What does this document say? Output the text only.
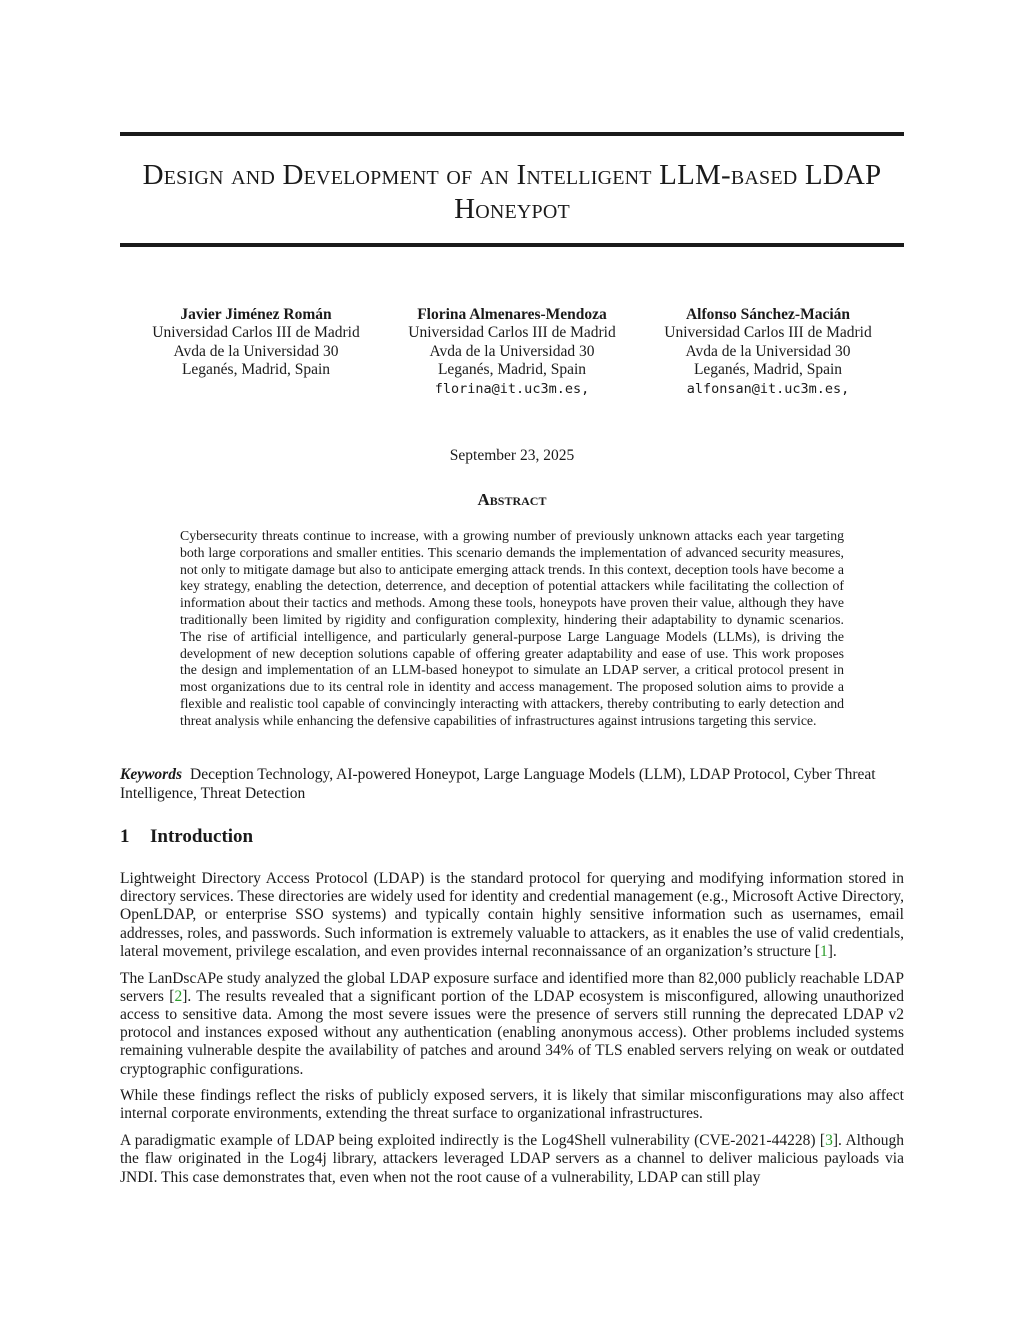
Design and Development of an Intelligent LLM-based LDAP
Honeypot
Javier Jiménez Román
Universidad Carlos III de Madrid
Avda de la Universidad 30
Leganés, Madrid, Spain
Florina Almenares-Mendoza
Universidad Carlos III de Madrid
Avda de la Universidad 30
Leganés, Madrid, Spain
florina@it.uc3m.es,
Alfonso Sánchez-Macián
Universidad Carlos III de Madrid
Avda de la Universidad 30
Leganés, Madrid, Spain
alfonsan@it.uc3m.es,
September 23, 2025
Abstract
Cybersecurity threats continue to increase, with a growing number of previously unknown attacks each year targeting both large corporations and smaller entities. This scenario demands the implementation of advanced security measures, not only to mitigate damage but also to anticipate emerging attack trends. In this context, deception tools have become a key strategy, enabling the detection, deterrence, and deception of potential attackers while facilitating the collection of information about their tactics and methods. Among these tools, honeypots have proven their value, although they have traditionally been limited by rigidity and configuration complexity, hindering their adaptability to dynamic scenarios. The rise of artificial intelligence, and particularly general-purpose Large Language Models (LLMs), is driving the development of new deception solutions capable of offering greater adaptability and ease of use. This work proposes the design and implementation of an LLM-based honeypot to simulate an LDAP server, a critical protocol present in most organizations due to its central role in identity and access management. The proposed solution aims to provide a flexible and realistic tool capable of convincingly interacting with attackers, thereby contributing to early detection and threat analysis while enhancing the defensive capabilities of infrastructures against intrusions targeting this service.
Keywords Deception Technology, AI-powered Honeypot, Large Language Models (LLM), LDAP Protocol, Cyber Threat Intelligence, Threat Detection
1 Introduction

Lightweight Directory Access Protocol (LDAP) is the standard protocol for querying and modifying information stored in directory services. These directories are widely used for identity and credential management (e.g., Microsoft Active Directory, OpenLDAP, or enterprise SSO systems) and typically contain highly sensitive information such as usernames, email addresses, roles, and passwords. Such information is extremely valuable to attackers, as it enables the use of valid credentials, lateral movement, privilege escalation, and even provides internal reconnaissance of an organization’s structure [1].

The LanDscAPe study analyzed the global LDAP exposure surface and identified more than 82,000 publicly reachable LDAP servers [2]. The results revealed that a significant portion of the LDAP ecosystem is misconfigured, allowing unauthorized access to sensitive data. Among the most severe issues were the presence of servers still running the deprecated LDAP v2 protocol and instances exposed without any authentication (enabling anonymous access). Other problems included systems remaining vulnerable despite the availability of patches and around 34% of TLS enabled servers relying on weak or outdated cryptographic configurations.

While these findings reflect the risks of publicly exposed servers, it is likely that similar misconfigurations may also affect internal corporate environments, extending the threat surface to organizational infrastructures.

A paradigmatic example of LDAP being exploited indirectly is the Log4Shell vulnerability (CVE-2021-44228) [3]. Although the flaw originated in the Log4j library, attackers leveraged LDAP servers as a channel to deliver malicious payloads via JNDI. This case demonstrates that, even when not the root cause of a vulnerability, LDAP can still play
